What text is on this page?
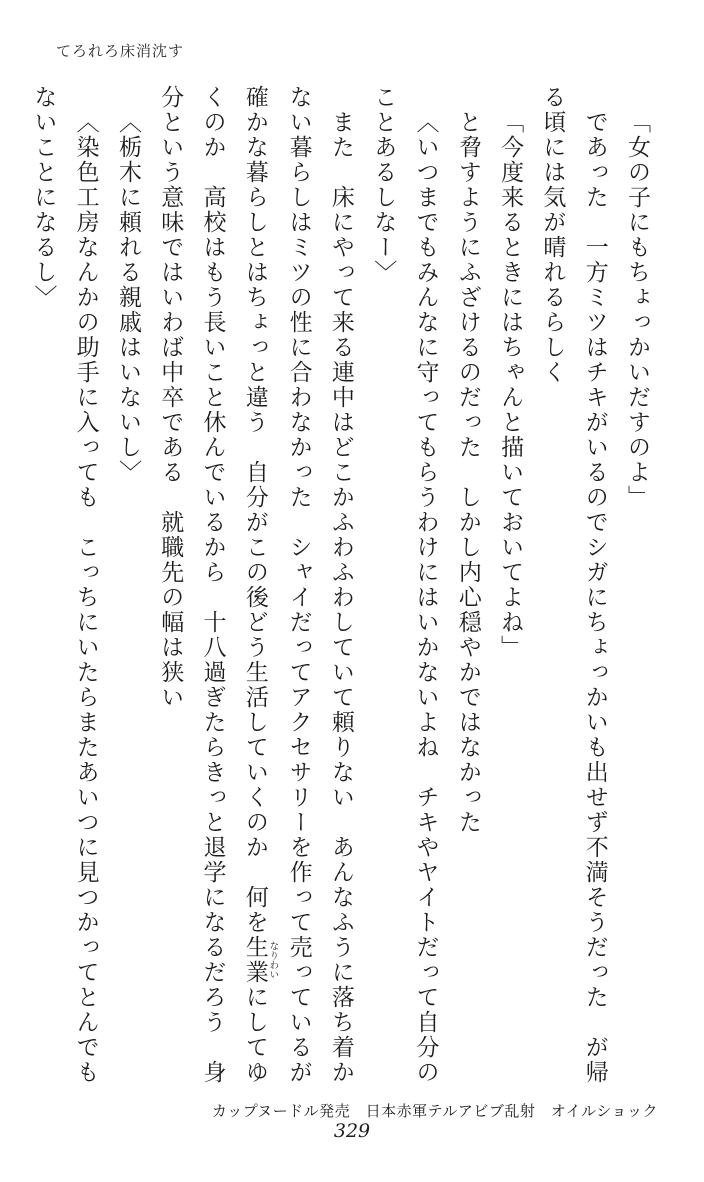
てろれろ床消沈す

「女の子にもちょっかいだすのよ」

であった　一方ミツはチキがいるのでシガにちょっかいも出せず不満そうだった　が帰

る頃には気が晴れるらしく

「今度来るときにはちゃんと描いておいてよね」

と脅すようにふざけるのだった　しかし内心穏やかではなかった

〈いつまでもみんなに守ってもらうわけにはいかないよね　チキやヤイトだって自分の

ことあるしなー〉

また　床にやって来る連中はどこかふわふわしていて頼りない　あんなふうに落ち着か

ない暮らしはミツの性に合わなかった　シャイだってアクセサリーを作って売っているが

確かな暮らしとはちょっと違う　自分がこの後どう生活していくのか　何を生業 なりわいにしてゆ

くのか　高校はもう長いこと休んでいるから　十八過ぎたらきっと退学になるだろう　身

分という意味ではいわば中卒である　就職先の幅は狭い

〈栃木に頼れる親戚はいないし〉

〈染色工房なんかの助手に入っても　こっちにいたらまたあいつに見つかってとんでも

ないことになるし〉

カップヌードル発売　日本赤軍テルアビブ乱射　オイルショック
329
